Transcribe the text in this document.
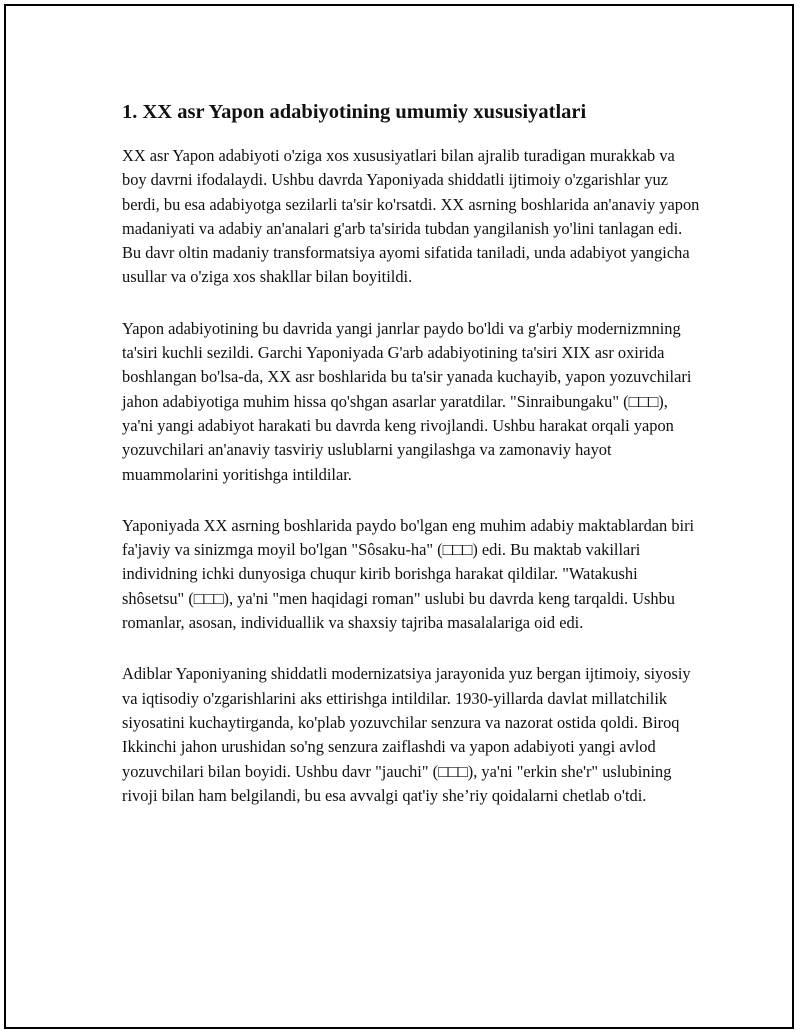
1. XX asr Yapon adabiyotining umumiy xususiyatlari

XX asr Yapon adabiyoti o'ziga xos xususiyatlari bilan ajralib turadigan murakkab va boy davrni ifodalaydi. Ushbu davrda Yaponiyada shiddatli ijtimoiy o'zgarishlar yuz berdi, bu esa adabiyotga sezilarli ta'sir ko'rsatdi. XX asrning boshlarida an'anaviy yapon madaniyati va adabiy an'analari g'arb ta'sirida tubdan yangilanish yo'lini tanlagan edi. Bu davr oltin madaniy transformatsiya ayomi sifatida taniladi, unda adabiyot yangicha usullar va o'ziga xos shakllar bilan boyitildi.

Yapon adabiyotining bu davrida yangi janrlar paydo bo'ldi va g'arbiy modernizmning ta'siri kuchli sezildi. Garchi Yaponiyada G'arb adabiyotining ta'siri XIX asr oxirida boshlangan bo'lsa-da, XX asr boshlarida bu ta'sir yanada kuchayib, yapon yozuvchilari jahon adabiyotiga muhim hissa qo'shgan asarlar yaratdilar. "Sinraibungaku" (□□□), ya'ni yangi adabiyot harakati bu davrda keng rivojlandi. Ushbu harakat orqali yapon yozuvchilari an'anaviy tasviriy uslublarni yangilashga va zamonaviy hayot muammolarini yoritishga intildilar.

Yaponiyada XX asrning boshlarida paydo bo'lgan eng muhim adabiy maktablardan biri fa'javiy va sinizmga moyil bo'lgan "Sôsaku-ha" (□□□) edi. Bu maktab vakillari individning ichki dunyosiga chuqur kirib borishga harakat qildilar. "Watakushi shôsetsu" (□□□), ya'ni "men haqidagi roman" uslubi bu davrda keng tarqaldi. Ushbu romanlar, asosan, individuallik va shaxsiy tajriba masalalariga oid edi.

Adiblar Yaponiyaning shiddatli modernizatsiya jarayonida yuz bergan ijtimoiy, siyosiy va iqtisodiy o'zgarishlarini aks ettirishga intildilar. 1930-yillarda davlat millatchilik siyosatini kuchaytirganda, ko'plab yozuvchilar senzura va nazorat ostida qoldi. Biroq Ikkinchi jahon urushidan so'ng senzura zaiflashdi va yapon adabiyoti yangi avlod yozuvchilari bilan boyidi. Ushbu davr "jauchi" (□□□), ya'ni "erkin she'r" uslubining rivoji bilan ham belgilandi, bu esa avvalgi qat'iy she’riy qoidalarni chetlab o'tdi.
